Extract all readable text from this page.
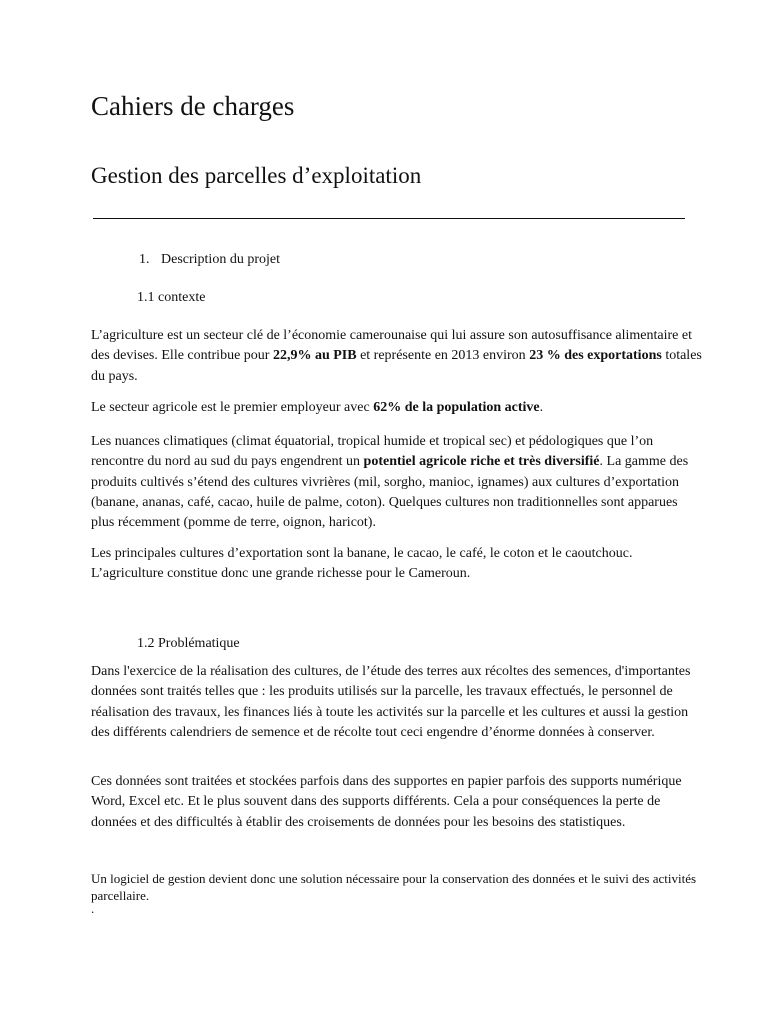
Cahiers de charges
Gestion des parcelles d’exploitation
1. Description du projet
1.1 contexte

L’agriculture est un secteur clé de l’économie camerounaise qui lui assure son autosuffisance alimentaire et des devises. Elle contribue pour 22,9% au PIB et représente en 2013 environ 23 % des exportations totales du pays.

Le secteur agricole est le premier employeur avec 62% de la population active.

Les nuances climatiques (climat équatorial, tropical humide et tropical sec) et pédologiques que l’on rencontre du nord au sud du pays engendrent un potentiel agricole riche et très diversifié. La gamme des produits cultivés s’étend des cultures vivrières (mil, sorgho, manioc, ignames) aux cultures d’exportation (banane, ananas, café, cacao, huile de palme, coton). Quelques cultures non traditionnelles sont apparues plus récemment (pomme de terre, oignon, haricot).

Les principales cultures d’exportation sont la banane, le cacao, le café, le coton et le caoutchouc. L’agriculture constitue donc une grande richesse pour le Cameroun.

1.2 Problématique

Dans l'exercice de la réalisation des cultures, de l’étude des terres aux récoltes des semences, d'importantes données sont traités telles que : les produits utilisés sur la parcelle, les travaux effectués, le personnel de réalisation des travaux, les finances liés à toute les activités sur la parcelle et les cultures et aussi la gestion des différents calendriers de semence et de récolte tout ceci engendre d’énorme données à conserver.

Ces données sont traitées et stockées parfois dans des supportes en papier parfois des supports numérique Word, Excel etc. Et le plus souvent dans des supports différents. Cela a pour conséquences la perte de données et des difficultés à établir des croisements de données pour les besoins des statistiques.

Un logiciel de gestion devient donc une solution nécessaire pour la conservation des données et le suivi des activités parcellaire.

.
